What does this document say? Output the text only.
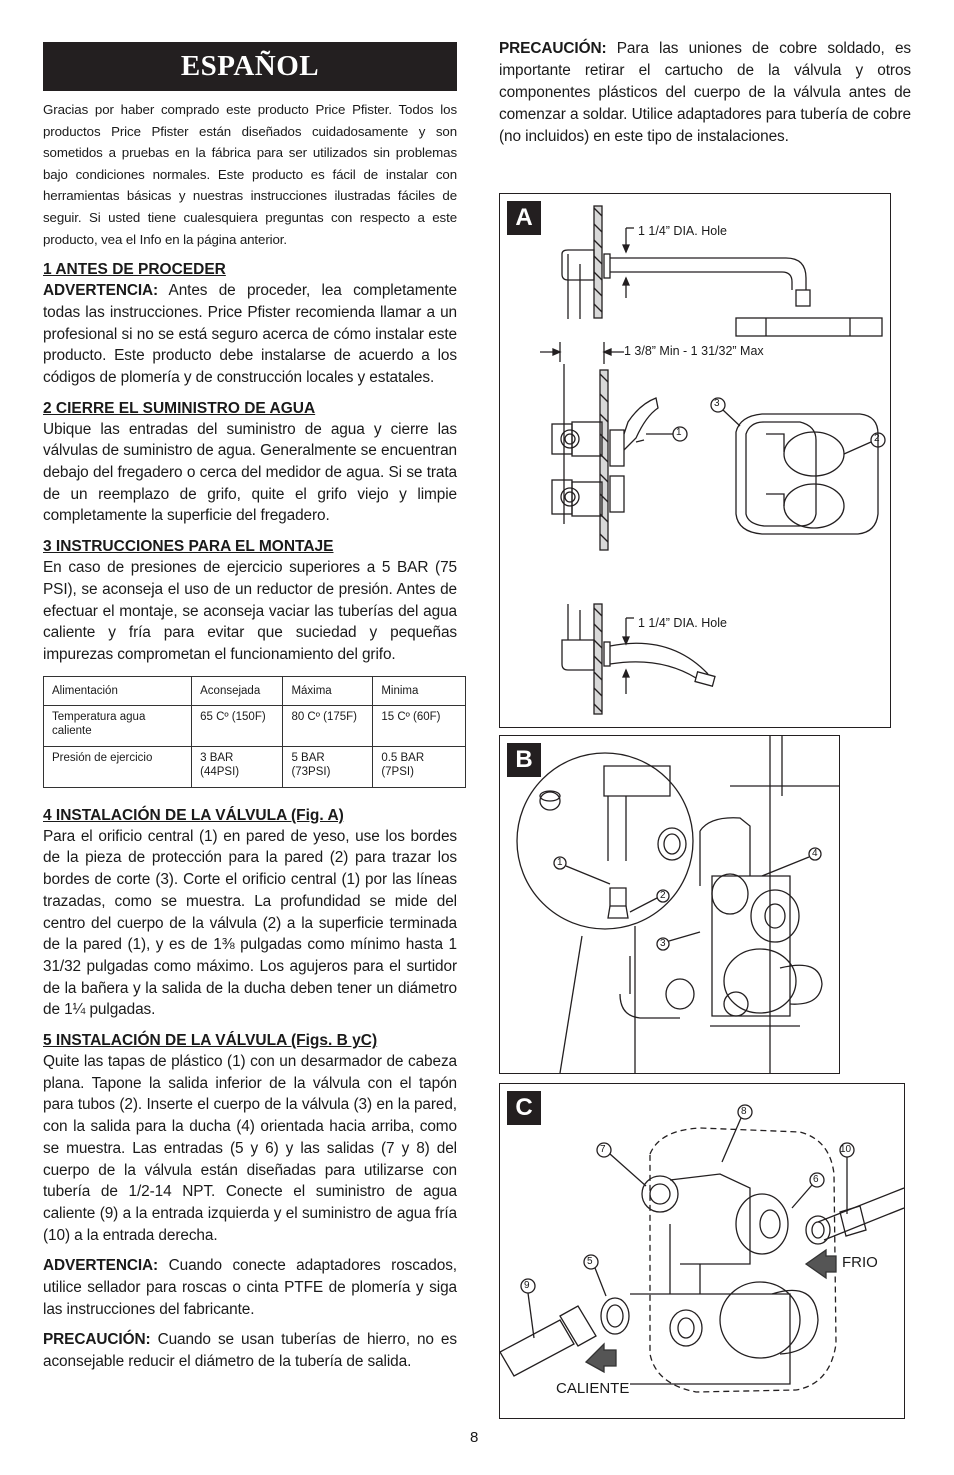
ESPAÑOL
Gracias por haber comprado este producto Price Pfister. Todos los productos Price Pfister están diseñados cuidadosamente y son sometidos a pruebas en la fábrica para ser utilizados sin problemas bajo condiciones normales. Este producto es fácil de instalar con herramientas básicas y nuestras instrucciones ilustradas fáciles de seguir. Si usted tiene cualesquiera preguntas con respecto a este producto, vea el Info en la página anterior.
1 ANTES DE PROCEDER
ADVERTENCIA: Antes de proceder, lea completamente todas las instrucciones. Price Pfister recomienda llamar a un profesional si no se está seguro acerca de cómo instalar este producto. Este producto debe instalarse de acuerdo a los códigos de plomería y de construcción locales y estatales.
2 CIERRE EL SUMINISTRO DE AGUA
Ubique las entradas del suministro de agua y cierre las válvulas de suministro de agua. Generalmente se encuentran debajo del fregadero o cerca del medidor de agua. Si se trata de un reemplazo de grifo, quite el grifo viejo y limpie completamente la superficie del fregadero.
3 INSTRUCCIONES PARA EL MONTAJE
En caso de presiones de ejercicio superiores a 5 BAR (75 PSI), se aconseja el uso de un reductor de presión. Antes de efectuar el montaje, se aconseja vaciar las tuberías del agua caliente y fría para evitar que suciedad y pequeñas impurezas comprometan el funcionamiento del grifo.
Alimentación	Aconsejada	Máxima	Minima
Temperatura agua caliente	65 Cº (150F)	80 Cº (175F)	15 Cº (60F)
Presión de ejercicio	3 BAR (44PSI)	5 BAR (73PSI)	0.5 BAR (7PSI)
4 INSTALACIÓN DE LA VÁLVULA (Fig. A)
Para el orificio central (1) en pared de yeso, use los bordes de la pieza de protección para la pared (2) para trazar los bordes de corte (3). Corte el orificio central (1) por las líneas trazadas, como se muestra. La profundidad se mide del centro del cuerpo de la válvula (2) a la superficie terminada de la pared (1), y es de 1⅜ pulgadas como mínimo hasta 1 31/32 pulgadas como máximo. Los agujeros para el surtidor de la bañera y la salida de la ducha deben tener un diámetro de 1¼ pulgadas.
5 INSTALACIÓN DE LA VÁLVULA (Figs. B yC)
Quite las tapas de plástico (1) con un desarmador de cabeza plana. Tapone la salida inferior de la válvula con el tapón para tubos (2). Inserte el cuerpo de la válvula (3) en la pared, con la salida para la ducha (4) orientada hacia arriba, como se muestra. Las entradas (5 y 6) y las salidas (7 y 8) del cuerpo de la válvula están diseñadas para utilizarse con tubería de 1/2-14 NPT. Conecte el suministro de agua caliente (9) a la entrada izquierda y el suministro de agua fría (10) a la entrada derecha.
ADVERTENCIA: Cuando conecte adaptadores roscados, utilice sellador para roscas o cinta PTFE de plomería y siga las instrucciones del fabricante.
PRECAUCIÓN: Cuando se usan tuberías de hierro, no es aconsejable reducir el diámetro de la tubería de salida.
PRECAUCIÓN: Para las uniones de cobre soldado, es importante retirar el cartucho de la válvula y otros componentes plásticos del cuerpo de la válvula antes de comenzar a soldar. Utilice adaptadores para tubería de cobre (no incluidos) en este tipo de instalaciones.
A	1 1/4” DIA. Hole
1 3/8” Min - 1 31/32” Max
1 1/4” DIA. Hole
1
2
3
B
1
2
3
4
C
5
6
7
8
9
10
FRIO
CALIENTE
8
